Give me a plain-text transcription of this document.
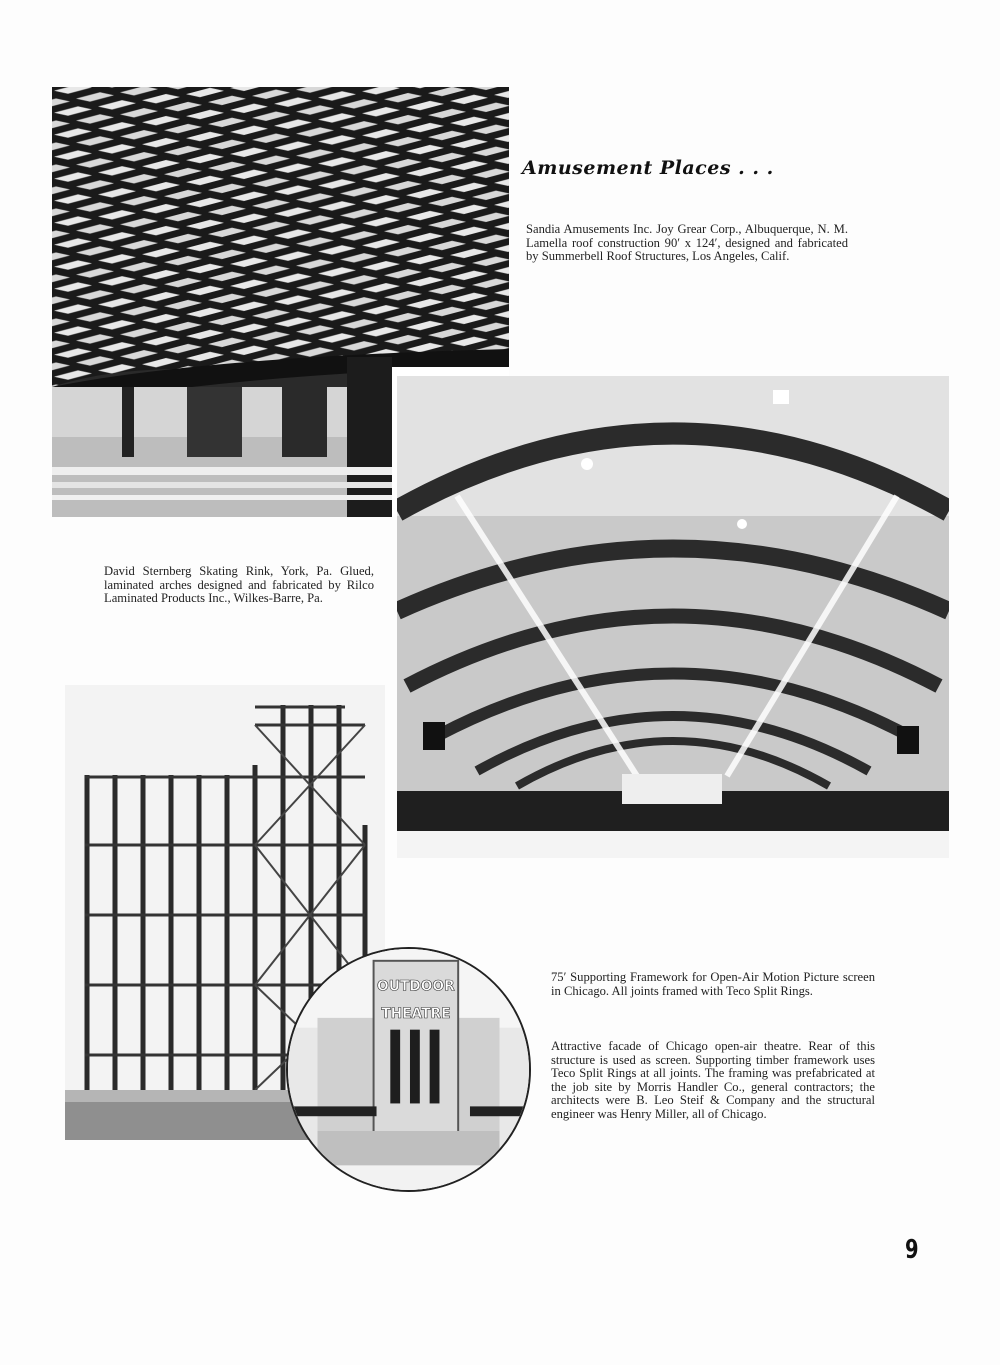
Amusement Places . . .
Sandia Amusements Inc. Joy Grear Corp., Albuquerque, N. M. Lamella roof construction 90′ x 124′, designed and fabricated by Summerbell Roof Structures, Los Angeles, Calif.
David Sternberg Skating Rink, York, Pa. Glued, laminated arches designed and fabricated by Rilco Laminated Products Inc., Wilkes-Barre, Pa.
OUTDOOR
THEATRE
75′ Supporting Framework for Open-Air Motion Picture screen in Chicago. All joints framed with Teco Split Rings.
Attractive facade of Chicago open-air theatre. Rear of this structure is used as screen. Supporting timber framework uses Teco Split Rings at all joints. The framing was prefabricated at the job site by Morris Handler Co., general contractors; the architects were B. Leo Steif & Company and the structural engineer was Henry Miller, all of Chicago.
9
